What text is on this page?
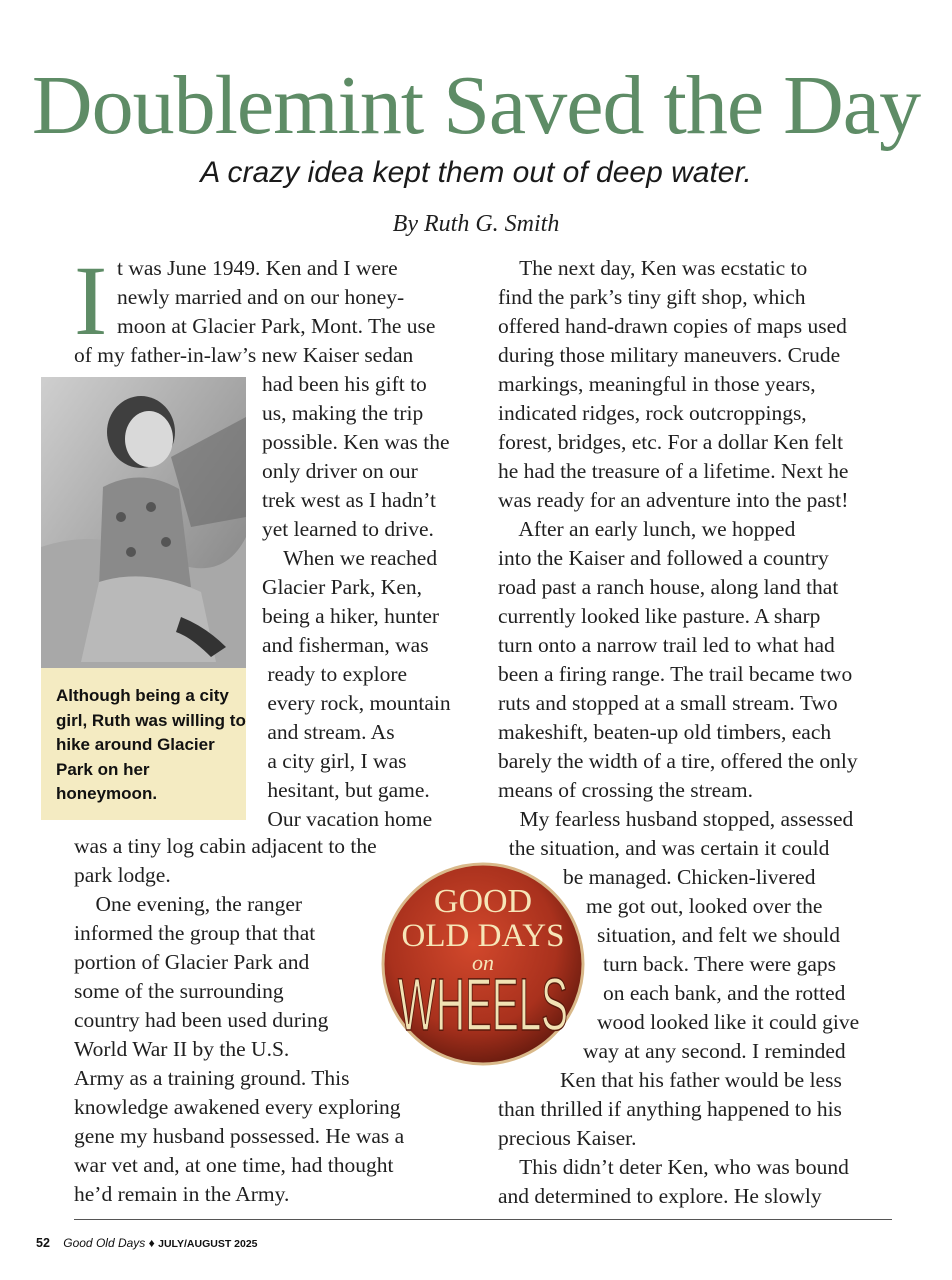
Doublemint Saved the Day

A crazy idea kept them out of deep water.

By Ruth G. Smith
I t was June 1949. Ken and I were
newly married and on our honey-
moon at Glacier Park, Mont. The use
of my father-in-law’s new Kaiser sedan

Although being a city girl, Ruth was willing to hike around Glacier Park on her honeymoon.

had been his gift to
us, making the trip
possible. Ken was the
only driver on our
trek west as I hadn’t
yet learned to drive.
When we reached
Glacier Park, Ken,
being a hiker, hunter
and fisherman, was
ready to explore
every rock, mountain
and stream. As
a city girl, I was
hesitant, but game.
Our vacation home
was a tiny log cabin adjacent to the
park lodge.
One evening, the ranger
informed the group that that
portion of Glacier Park and
some of the surrounding
country had been used during
World War II by the U.S.
Army as a training ground. This
knowledge awakened every exploring
gene my husband possessed. He was a
war vet and, at one time, had thought
he’d remain in the Army.
The next day, Ken was ecstatic to
find the park’s tiny gift shop, which
offered hand-drawn copies of maps used
during those military maneuvers. Crude
markings, meaningful in those years,
indicated ridges, rock outcroppings,
forest, bridges, etc. For a dollar Ken felt
he had the treasure of a lifetime. Next he
was ready for an adventure into the past!
After an early lunch, we hopped
into the Kaiser and followed a country
road past a ranch house, along land that
currently looked like pasture. A sharp
turn onto a narrow trail led to what had
been a firing range. The trail became two
ruts and stopped at a small stream. Two
makeshift, beaten-up old timbers, each
barely the width of a tire, offered the only
means of crossing the stream.
My fearless husband stopped, assessed
the situation, and was certain it could
be managed. Chicken-livered
me got out, looked over the
situation, and felt we should
turn back. There were gaps
on each bank, and the rotted
wood looked like it could give
way at any second. I reminded
Ken that his father would be less
than thrilled if anything happened to his
precious Kaiser.
This didn’t deter Ken, who was bound
and determined to explore. He slowly
GOOD
OLD DAYS
on
WHEELS
52 Good Old Days ♦ JULY/AUGUST 2025
